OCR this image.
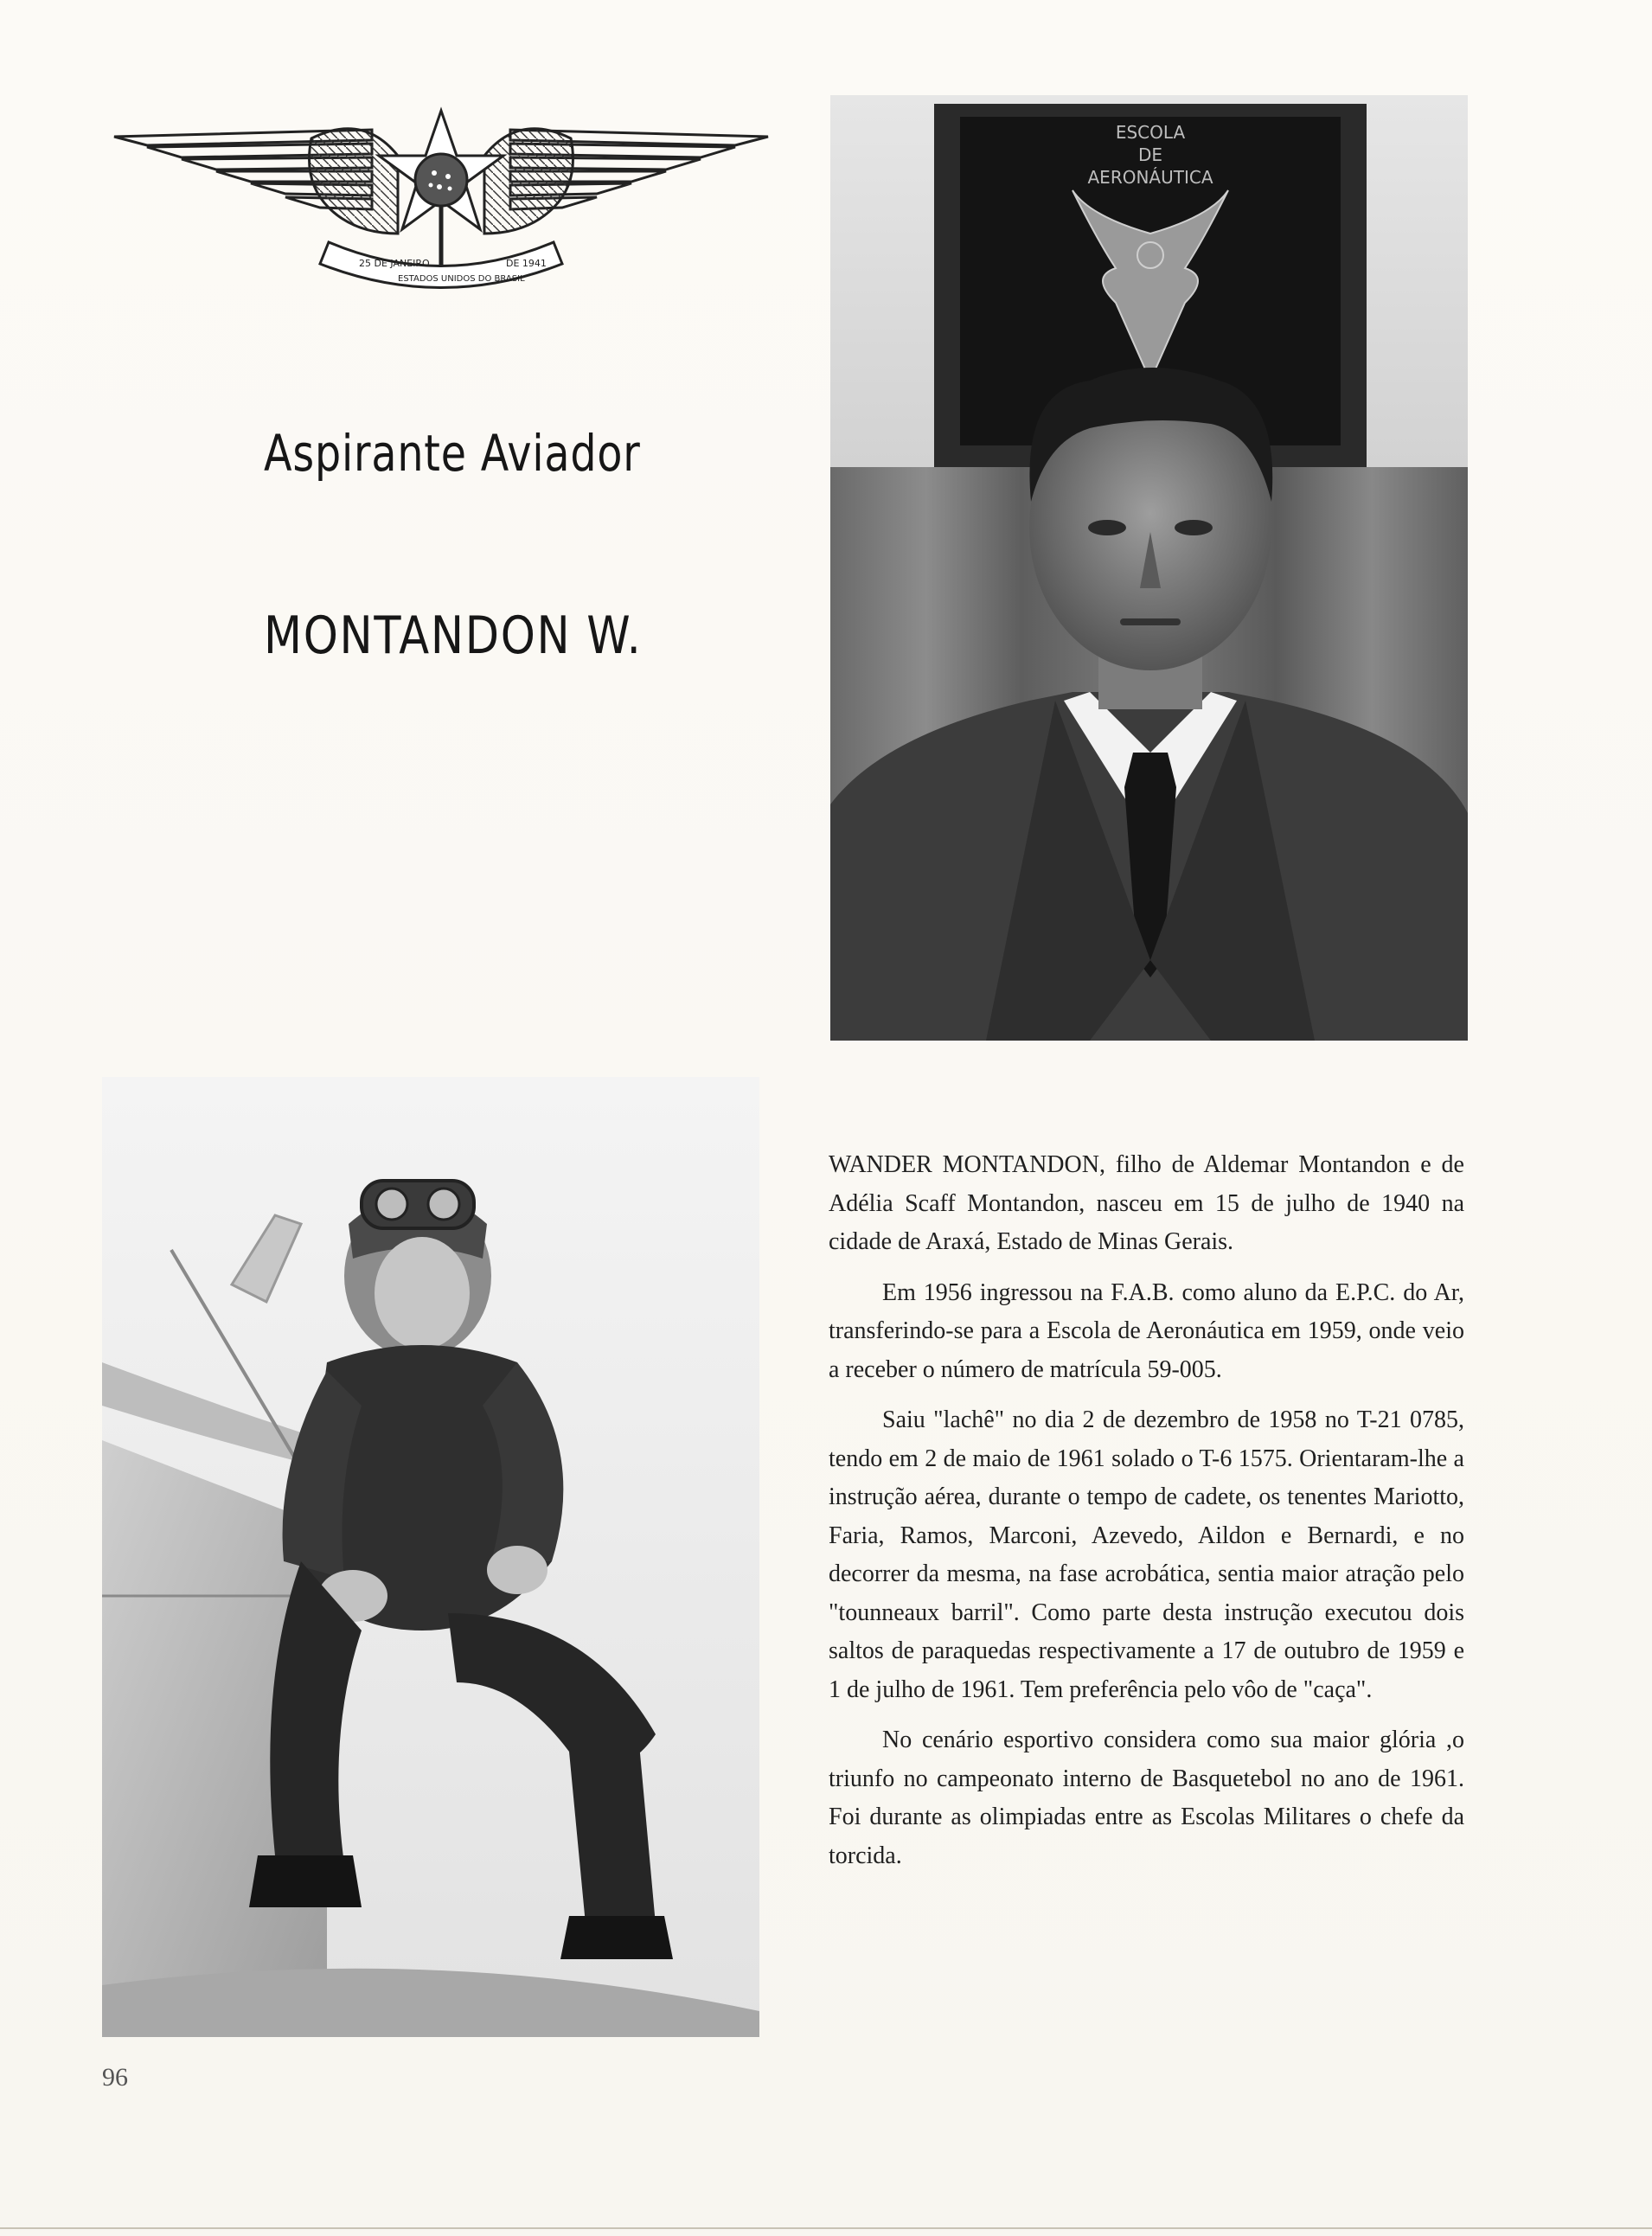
25 DE JANEIRO
ESTADOS UNIDOS DO BRASIL
DE 1941
Aspirante Aviador
MONTANDON W.
ESCOLA
DE
AERONÁUTICA

WANDER MONTANDON, filho de Aldemar Montandon e de Adélia Scaff Montandon, nasceu em 15 de julho de 1940 na cidade de Araxá, Estado de Minas Gerais.

Em 1956 ingressou na F.A.B. como aluno da E.P.C. do Ar, transferindo-se para a Escola de Aeronáutica em 1959, onde veio a receber o número de matrícula 59-005.

Saiu "lachê" no dia 2 de dezembro de 1958 no T-21 0785, tendo em 2 de maio de 1961 solado o T-6 1575. Orientaram-lhe a instrução aérea, durante o tempo de cadete, os tenentes Mariotto, Faria, Ramos, Marconi, Azevedo, Aildon e Bernardi, e no decorrer da mesma, na fase acrobática, sentia maior atração pelo "tounneaux barril". Como parte desta instrução executou dois saltos de paraquedas respectivamente a 17 de outubro de 1959 e 1 de julho de 1961. Tem preferência pelo vôo de "caça".

No cenário esportivo considera como sua maior glória ,o triunfo no campeonato interno de Basquetebol no ano de 1961. Foi durante as olimpiadas entre as Escolas Militares o chefe da torcida.

96
